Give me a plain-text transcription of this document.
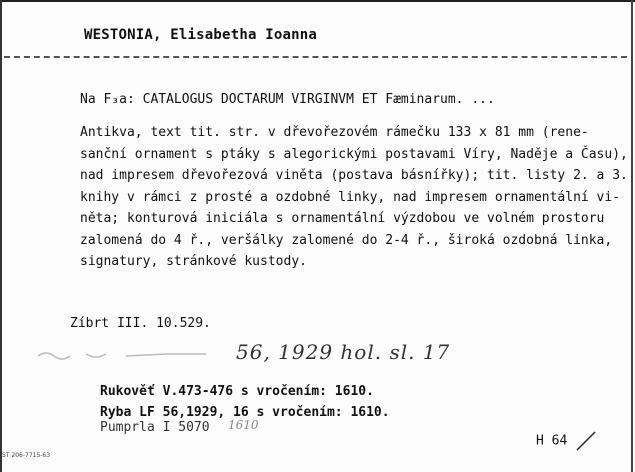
WESTONIA, Elisabetha Ioanna
Na F₃a: CATALOGUS DOCTARUM VIRGINVM ET Fæminarum. ...
Antikva, text tit. str. v dřevořezovém rámečku 133 x 81 mm (rene-
sanční ornament s ptáky s alegorickými postavami Víry, Naděje a Času),
nad impresem dřevořezová viněta (postava básnířky); tit. listy 2. a 3.
knihy v rámci z prosté a ozdobné linky, nad impresem ornamentální vi-
něta; konturová iniciála s ornamentální výzdobou ve volném prostoru
zalomená do 4 ř., veršálky zalomené do 2-4 ř., široká ozdobná linka,
signatury, stránkové kustody.
Zíbrt III. 10.529.
56, 1929 hol. sl. 17
Rukověť V.473-476 s vročením: 1610.
Ryba LF 56,1929, 16 s vročením: 1610.
Pumprla I 5070 1610
H 64
ST 206-7715-63
